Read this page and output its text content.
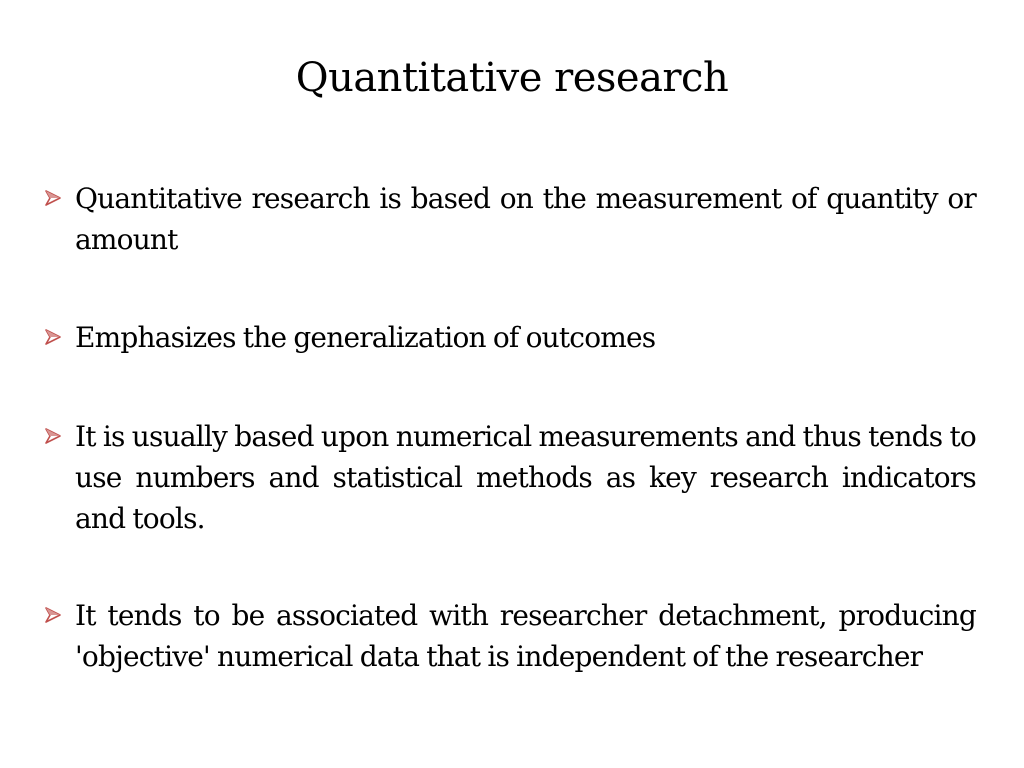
Quantitative research
Quantitative research is based on the measurement of quantity or amount
Emphasizes the generalization of outcomes
It is usually based upon numerical measurements and thus tends to use numbers and statistical methods as key research indicators and tools.
It tends to be associated with researcher detachment, producing 'objective' numerical data that is independent of the researcher
